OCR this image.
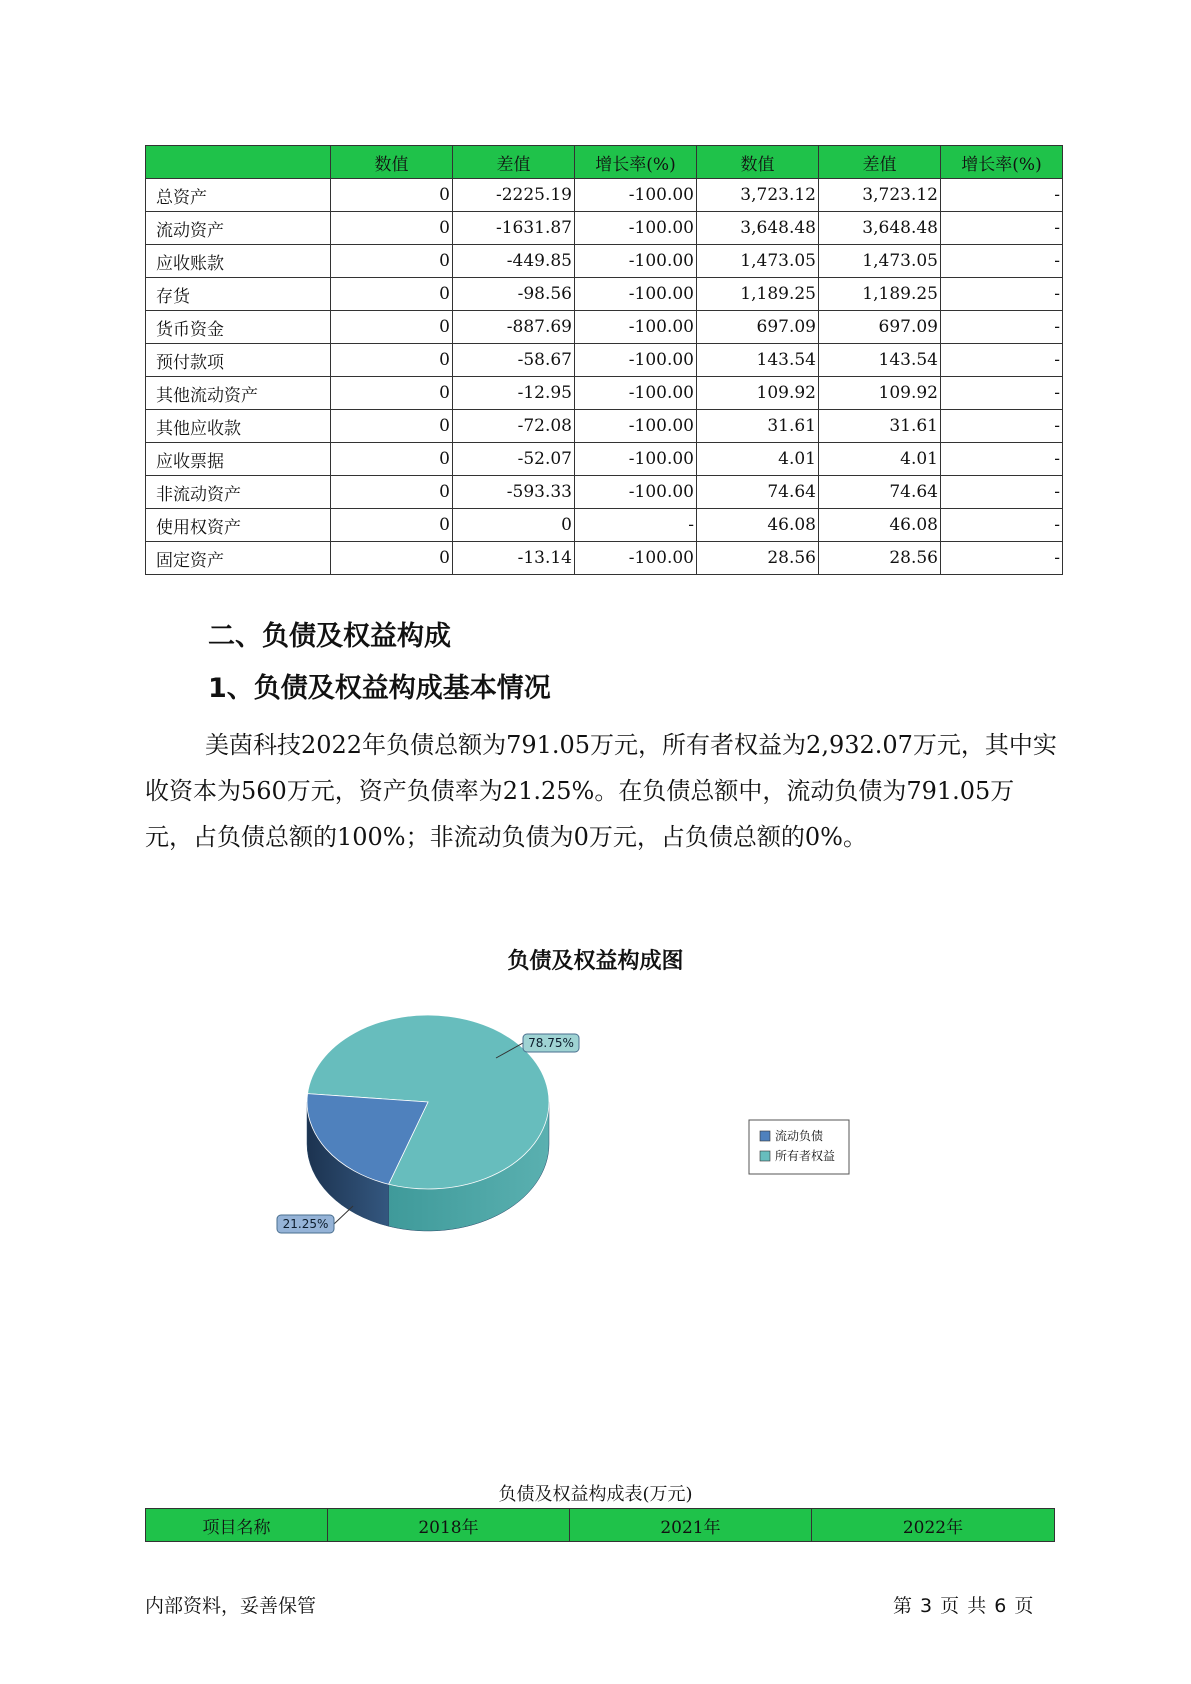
	数值	差值	增长率(%)	数值	差值	增长率(%)
总资产	0	-2225.19	-100.00	3,723.12	3,723.12	-
流动资产	0	-1631.87	-100.00	3,648.48	3,648.48	-
应收账款	0	-449.85	-100.00	1,473.05	1,473.05	-
存货	0	-98.56	-100.00	1,189.25	1,189.25	-
货币资金	0	-887.69	-100.00	697.09	697.09	-
预付款项	0	-58.67	-100.00	143.54	143.54	-
其他流动资产	0	-12.95	-100.00	109.92	109.92	-
其他应收款	0	-72.08	-100.00	31.61	31.61	-
应收票据	0	-52.07	-100.00	4.01	4.01	-
非流动资产	0	-593.33	-100.00	74.64	74.64	-
使用权资产	0	0	-	46.08	46.08	-
固定资产	0	-13.14	-100.00	28.56	28.56	-
二、负债及权益构成
1、负债及权益构成基本情况

美茵科技2022年负债总额为791.05万元，所有者权益为2,932.07万元，其中实收资本为560万元，资产负债率为21.25%。在负债总额中，流动负债为791.05万元，占负债总额的100%；非流动负债为0万元，占负债总额的0%。

负债及权益构成图
78.75%
21.25%
流动负债
所有者权益
负债及权益构成表(万元)
项目名称	2018年	2021年	2022年
内部资料，妥善保管	第 3 页 共 6 页
